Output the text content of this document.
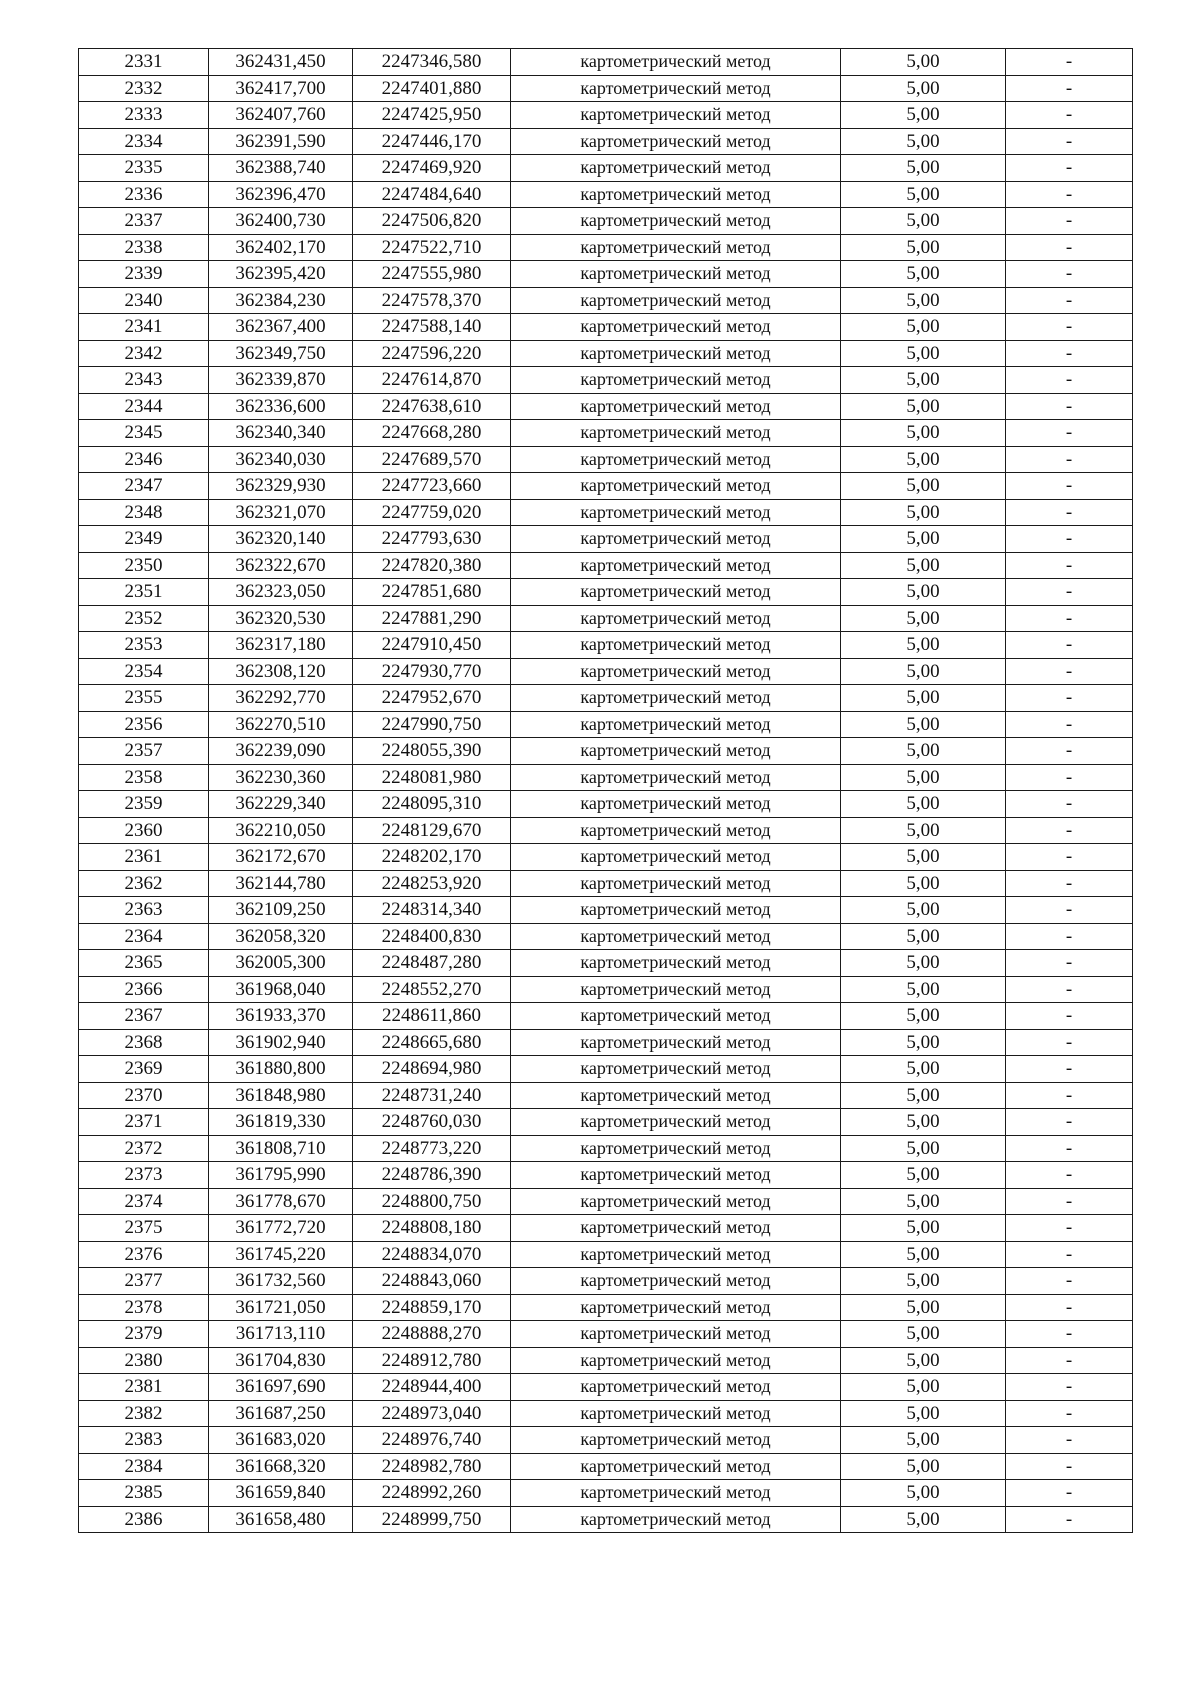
2331	362431,450	2247346,580	картометрический метод	5,00	-
2332	362417,700	2247401,880	картометрический метод	5,00	-
2333	362407,760	2247425,950	картометрический метод	5,00	-
2334	362391,590	2247446,170	картометрический метод	5,00	-
2335	362388,740	2247469,920	картометрический метод	5,00	-
2336	362396,470	2247484,640	картометрический метод	5,00	-
2337	362400,730	2247506,820	картометрический метод	5,00	-
2338	362402,170	2247522,710	картометрический метод	5,00	-
2339	362395,420	2247555,980	картометрический метод	5,00	-
2340	362384,230	2247578,370	картометрический метод	5,00	-
2341	362367,400	2247588,140	картометрический метод	5,00	-
2342	362349,750	2247596,220	картометрический метод	5,00	-
2343	362339,870	2247614,870	картометрический метод	5,00	-
2344	362336,600	2247638,610	картометрический метод	5,00	-
2345	362340,340	2247668,280	картометрический метод	5,00	-
2346	362340,030	2247689,570	картометрический метод	5,00	-
2347	362329,930	2247723,660	картометрический метод	5,00	-
2348	362321,070	2247759,020	картометрический метод	5,00	-
2349	362320,140	2247793,630	картометрический метод	5,00	-
2350	362322,670	2247820,380	картометрический метод	5,00	-
2351	362323,050	2247851,680	картометрический метод	5,00	-
2352	362320,530	2247881,290	картометрический метод	5,00	-
2353	362317,180	2247910,450	картометрический метод	5,00	-
2354	362308,120	2247930,770	картометрический метод	5,00	-
2355	362292,770	2247952,670	картометрический метод	5,00	-
2356	362270,510	2247990,750	картометрический метод	5,00	-
2357	362239,090	2248055,390	картометрический метод	5,00	-
2358	362230,360	2248081,980	картометрический метод	5,00	-
2359	362229,340	2248095,310	картометрический метод	5,00	-
2360	362210,050	2248129,670	картометрический метод	5,00	-
2361	362172,670	2248202,170	картометрический метод	5,00	-
2362	362144,780	2248253,920	картометрический метод	5,00	-
2363	362109,250	2248314,340	картометрический метод	5,00	-
2364	362058,320	2248400,830	картометрический метод	5,00	-
2365	362005,300	2248487,280	картометрический метод	5,00	-
2366	361968,040	2248552,270	картометрический метод	5,00	-
2367	361933,370	2248611,860	картометрический метод	5,00	-
2368	361902,940	2248665,680	картометрический метод	5,00	-
2369	361880,800	2248694,980	картометрический метод	5,00	-
2370	361848,980	2248731,240	картометрический метод	5,00	-
2371	361819,330	2248760,030	картометрический метод	5,00	-
2372	361808,710	2248773,220	картометрический метод	5,00	-
2373	361795,990	2248786,390	картометрический метод	5,00	-
2374	361778,670	2248800,750	картометрический метод	5,00	-
2375	361772,720	2248808,180	картометрический метод	5,00	-
2376	361745,220	2248834,070	картометрический метод	5,00	-
2377	361732,560	2248843,060	картометрический метод	5,00	-
2378	361721,050	2248859,170	картометрический метод	5,00	-
2379	361713,110	2248888,270	картометрический метод	5,00	-
2380	361704,830	2248912,780	картометрический метод	5,00	-
2381	361697,690	2248944,400	картометрический метод	5,00	-
2382	361687,250	2248973,040	картометрический метод	5,00	-
2383	361683,020	2248976,740	картометрический метод	5,00	-
2384	361668,320	2248982,780	картометрический метод	5,00	-
2385	361659,840	2248992,260	картометрический метод	5,00	-
2386	361658,480	2248999,750	картометрический метод	5,00	-
